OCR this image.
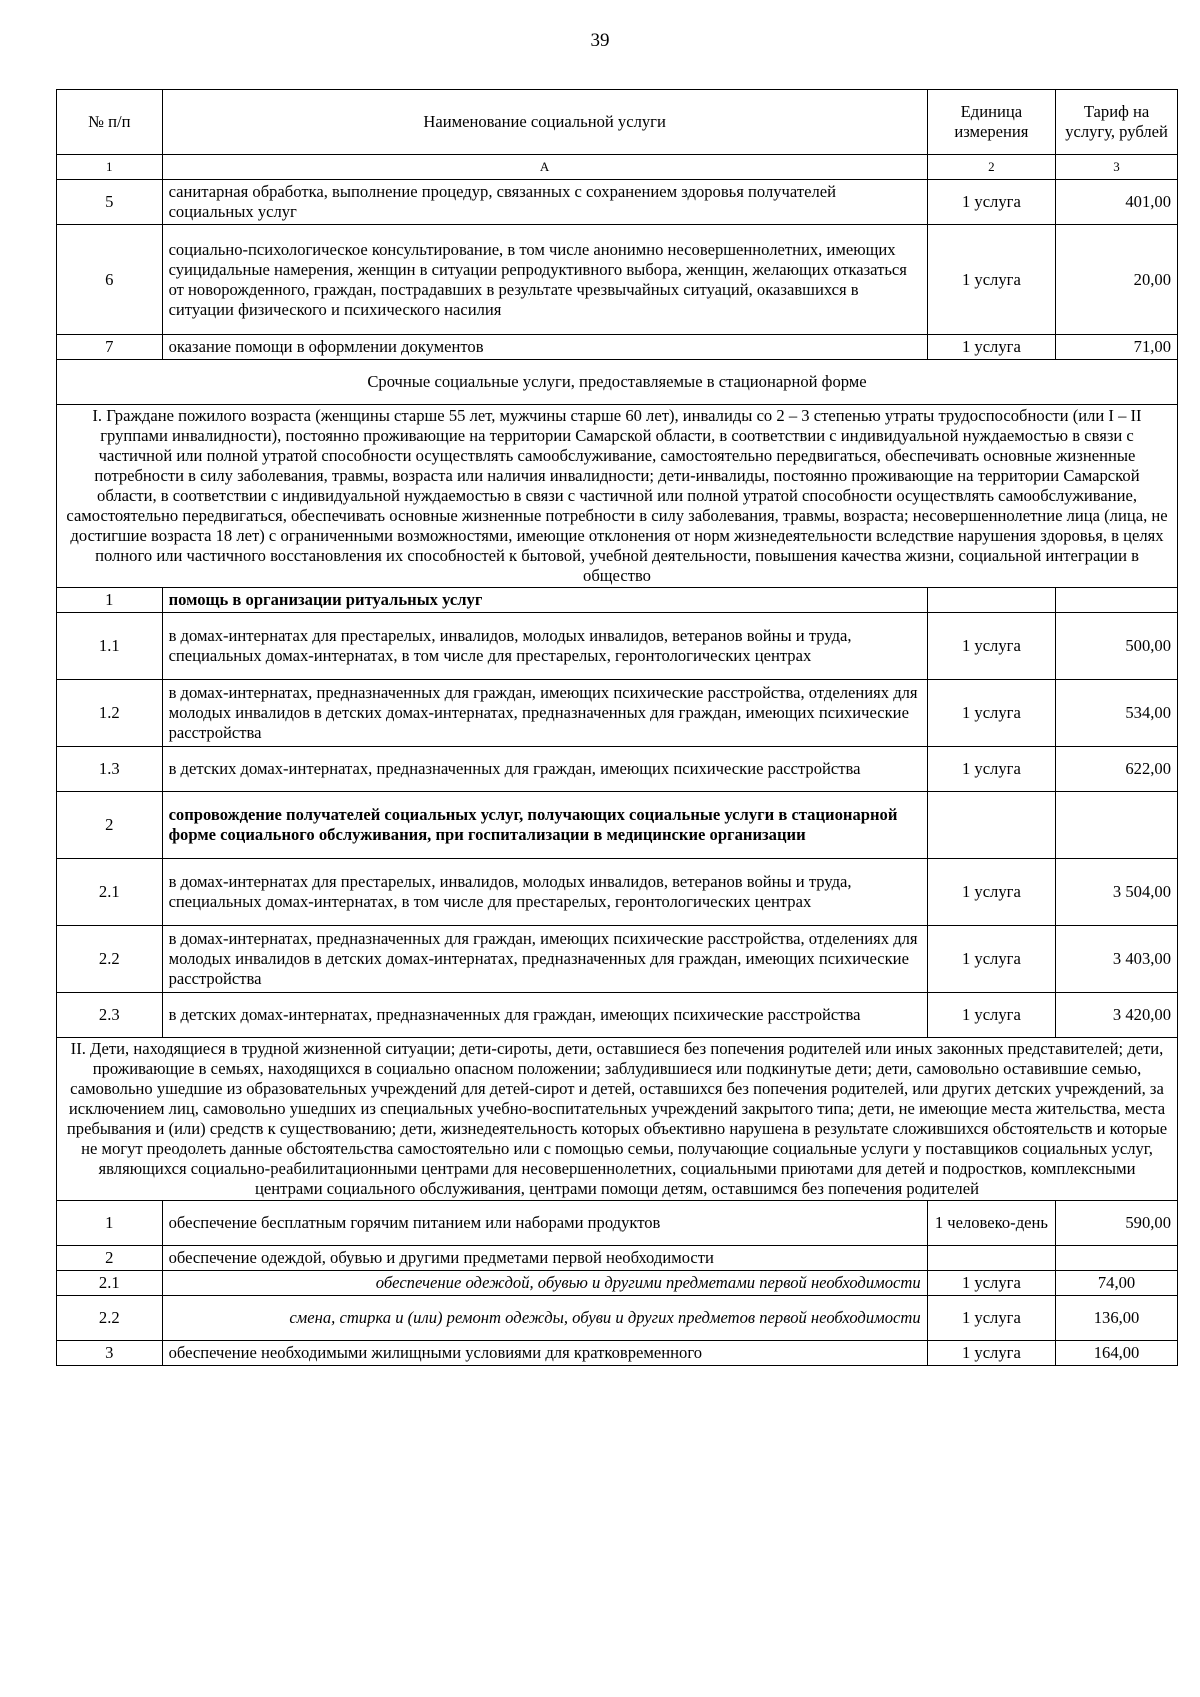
39
№ п/п	Наименование социальной услуги	Единица измерения	Тариф на услугу, рублей
1	А	2	3
5	санитарная обработка, выполнение процедур, связанных с сохранением здоровья получателей социальных услуг	1 услуга	401,00
6	социально-психологическое консультирование, в том числе анонимно несовершеннолетних, имеющих суицидальные намерения, женщин в ситуации репродуктивного выбора, женщин, желающих отказаться от новорожденного, граждан, пострадавших в результате чрезвычайных ситуаций, оказавшихся в ситуации физического и психического насилия	1 услуга	20,00
7	оказание помощи в оформлении документов	1 услуга	71,00
Срочные социальные услуги, предоставляемые в стационарной форме			
I. Граждане пожилого возраста (женщины старше 55 лет, мужчины старше 60 лет), инвалиды со 2 – 3 степенью утраты трудоспособности (или I – II группами инвалидности), постоянно проживающие на территории Самарской области, в соответствии с индивидуальной нуждаемостью в связи с частичной или полной утратой способности осуществлять самообслуживание, самостоятельно передвигаться, обеспечивать основные жизненные потребности в силу заболевания, травмы, возраста или наличия инвалидности; дети-инвалиды, постоянно проживающие на территории Самарской области, в соответствии с индивидуальной нуждаемостью в связи с частичной или полной утратой способности осуществлять самообслуживание, самостоятельно передвигаться, обеспечивать основные жизненные потребности в силу заболевания, травмы, возраста; несовершеннолетние лица (лица, не достигшие возраста 18 лет) с ограниченными возможностями, имеющие отклонения от норм жизнедеятельности вследствие нарушения здоровья, в целях полного или частичного восстановления их способностей к бытовой, учебной деятельности, повышения качества жизни, социальной интеграции в общество			
1	помощь в организации ритуальных услуг		
1.1	в домах-интернатах для престарелых, инвалидов, молодых инвалидов, ветеранов войны и труда, специальных домах-интернатах, в том числе для престарелых, геронтологических центрах	1 услуга	500,00
1.2	в домах-интернатах, предназначенных для граждан, имеющих психические расстройства, отделениях для молодых инвалидов в детских домах-интернатах, предназначенных для граждан, имеющих психические расстройства	1 услуга	534,00
1.3	в детских домах-интернатах, предназначенных для граждан, имеющих психические расстройства	1 услуга	622,00
2	сопровождение получателей социальных услуг, получающих социальные услуги в стационарной форме социального обслуживания, при госпитализации в медицинские организации		
2.1	в домах-интернатах для престарелых, инвалидов, молодых инвалидов, ветеранов войны и труда, специальных домах-интернатах, в том числе для престарелых, геронтологических центрах	1 услуга	3 504,00
2.2	в домах-интернатах, предназначенных для граждан, имеющих психические расстройства, отделениях для молодых инвалидов в детских домах-интернатах, предназначенных для граждан, имеющих психические расстройства	1 услуга	3 403,00
2.3	в детских домах-интернатах, предназначенных для граждан, имеющих психические расстройства	1 услуга	3 420,00
II. Дети, находящиеся в трудной жизненной ситуации; дети-сироты, дети, оставшиеся без попечения родителей или иных законных представителей; дети, проживающие в семьях, находящихся в социально опасном положении; заблудившиеся или подкинутые дети; дети, самовольно оставившие семью, самовольно ушедшие из образовательных учреждений для детей-сирот и детей, оставшихся без попечения родителей, или других детских учреждений, за исключением лиц, самовольно ушедших из специальных учебно-воспитательных учреждений закрытого типа; дети, не имеющие места жительства, места пребывания и (или) средств к существованию; дети, жизнедеятельность которых объективно нарушена в результате сложившихся обстоятельств и которые не могут преодолеть данные обстоятельства самостоятельно или с помощью семьи, получающие социальные услуги у поставщиков социальных услуг, являющихся социально-реабилитационными центрами для несовершеннолетних, социальными приютами для детей и подростков, комплексными центрами социального обслуживания, центрами помощи детям, оставшимся без попечения родителей			
1	обеспечение бесплатным горячим питанием или наборами продуктов	1 человеко-день	590,00
2	обеспечение одеждой, обувью и другими предметами первой необходимости		
2.1	обеспечение одеждой, обувью и другими предметами первой необходимости	1 услуга	74,00
2.2	смена, стирка и (или) ремонт одежды, обуви и других предметов первой необходимости	1 услуга	136,00
3	обеспечение необходимыми жилищными условиями для кратковременного	1 услуга	164,00
